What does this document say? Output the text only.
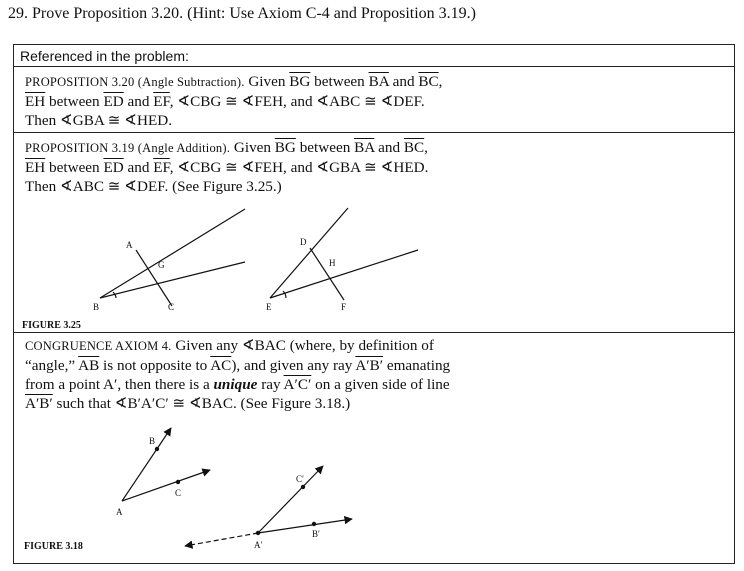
29. Prove Proposition 3.20. (Hint: Use Axiom C-4 and Proposition 3.19.)
Referenced in the problem:
PROPOSITION 3.20 (Angle Subtraction). Given $\overline{BG}$ between $\overline{BA}$ and $\overline{BC}$,
$\overline{EH}$ between $\overline{ED}$ and $\overline{EF}$, ∢CBG ≅ ∢FEH, and ∢ABC ≅ ∢DEF.
Then ∢GBA ≅ ∢HED.
PROPOSITION 3.19 (Angle Addition). Given $\overline{BG}$ between $\overline{BA}$ and $\overline{BC}$,
$\overline{EH}$ between $\overline{ED}$ and $\overline{EF}$, ∢CBG ≅ ∢FEH, and ∢GBA ≅ ∢HED.
Then ∢ABC ≅ ∢DEF. (See Figure 3.25.)
CONGRUENCE AXIOM 4. Given any ∢BAC (where, by definition of
“angle,” $\overline{AB}$ is not opposite to $\overline{AC}$), and given any ray A′B′ emanating
from a point A′, then there is a unique ray A′C′ on a given side of line
A′B′ such that ∢B′A′C′ ≅ ∢BAC. (See Figure 3.18.)
A
G
B	C
D
H
E	F
FIGURE 3.25
B
C
A
C′
B′
A′
FIGURE 3.18
